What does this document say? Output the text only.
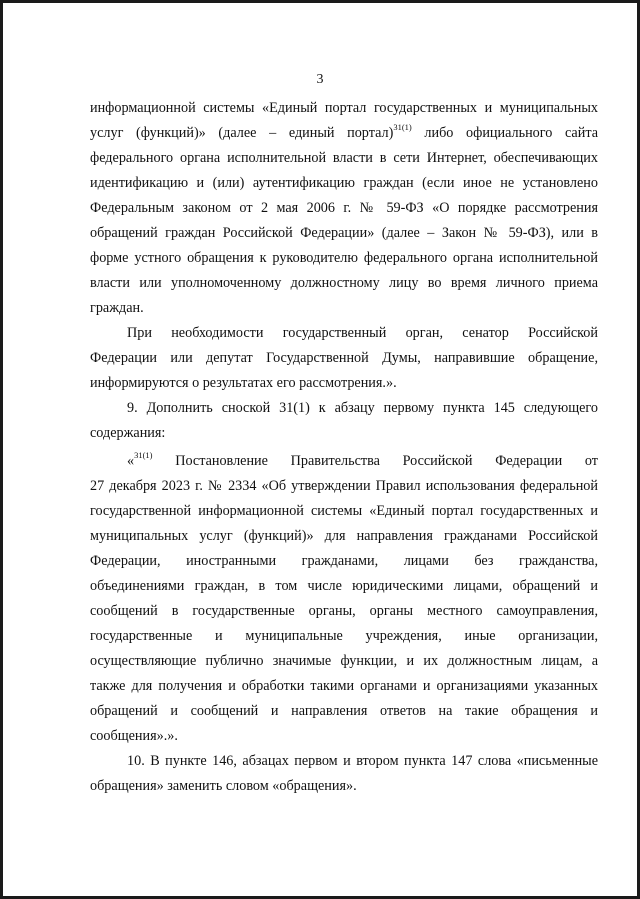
3
информационной системы «Единый портал государственных и муниципальных
услуг (функций)» (далее – единый портал)$^{31(1)}$ либо официального сайта
федерального органа исполнительной власти в сети Интернет, обеспечивающих
идентификацию и (или) аутентификацию граждан (если иное не установлено
Федеральным законом от 2 мая 2006 г. № 59-ФЗ «О порядке рассмотрения
обращений граждан Российской Федерации» (далее – Закон № 59-ФЗ), или в
форме устного обращения к руководителю федерального органа исполнительной
власти или уполномоченному должностному лицу во время личного приема
граждан.
При необходимости государственный орган, сенатор Российской
Федерации или депутат Государственной Думы, направившие обращение,
информируются о результатах его рассмотрения.».
9. Дополнить сноской 31(1) к абзацу первому пункта 145 следующего
содержания:
«$^{31(1)}$ Постановление Правительства Российской Федерации от
27 декабря 2023 г. № 2334 «Об утверждении Правил использования федеральной
государственной информационной системы «Единый портал государственных и
муниципальных услуг (функций)» для направления гражданами Российской
Федерации, иностранными гражданами, лицами без гражданства,
объединениями граждан, в том числе юридическими лицами, обращений и
сообщений в государственные органы, органы местного самоуправления,
государственные и муниципальные учреждения, иные организации,
осуществляющие публично значимые функции, и их должностным лицам, а
также для получения и обработки такими органами и организациями указанных
обращений и сообщений и направления ответов на такие обращения и
сообщения».».
10. В пункте 146, абзацах первом и втором пункта 147 слова «письменные
обращения» заменить словом «обращения».
